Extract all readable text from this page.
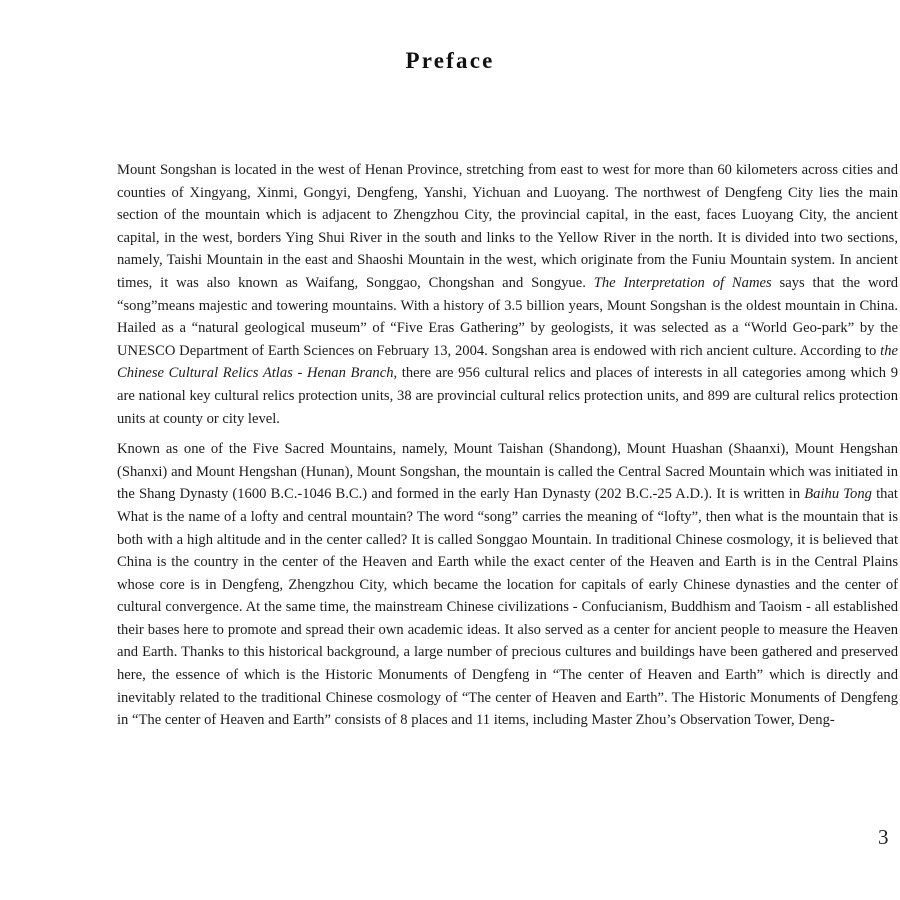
Preface

Mount Songshan is located in the west of Henan Province, stretching from east to west for more than 60 kilometers across cities and counties of Xingyang, Xinmi, Gongyi, Dengfeng, Yanshi, Yichuan and Luoyang. The northwest of Dengfeng City lies the main section of the mountain which is adjacent to Zhengzhou City, the provincial capital, in the east, faces Luoyang City, the ancient capital, in the west, borders Ying Shui River in the south and links to the Yellow River in the north. It is divided into two sections, namely, Taishi Mountain in the east and Shaoshi Mountain in the west, which originate from the Funiu Mountain system. In ancient times, it was also known as Waifang, Songgao, Chongshan and Songyue. The Interpretation of Names says that the word “song”means majestic and towering mountains. With a history of 3.5 billion years, Mount Songshan is the oldest mountain in China. Hailed as a “natural geological museum” of “Five Eras Gathering” by geologists, it was selected as a “World Geo-park” by the UNESCO Department of Earth Sciences on February 13, 2004. Songshan area is endowed with rich ancient culture. According to the Chinese Cultural Relics Atlas - Henan Branch, there are 956 cultural relics and places of interests in all categories among which 9 are national key cultural relics protection units, 38 are provincial cultural relics protection units, and 899 are cultural relics protection units at county or city level.

Known as one of the Five Sacred Mountains, namely, Mount Taishan (Shandong), Mount Huashan (Shaanxi), Mount Hengshan (Shanxi) and Mount Hengshan (Hunan), Mount Songshan, the mountain is called the Central Sacred Mountain which was initiated in the Shang Dynasty (1600 B.C.-1046 B.C.) and formed in the early Han Dynasty (202 B.C.-25 A.D.). It is written in Baihu Tong that What is the name of a lofty and central mountain? The word “song” carries the meaning of “lofty”, then what is the mountain that is both with a high altitude and in the center called? It is called Songgao Mountain. In traditional Chinese cosmology, it is believed that China is the country in the center of the Heaven and Earth while the exact center of the Heaven and Earth is in the Central Plains whose core is in Dengfeng, Zhengzhou City, which became the location for capitals of early Chinese dynasties and the center of cultural convergence. At the same time, the mainstream Chinese civilizations - Confucianism, Buddhism and Taoism - all established their bases here to promote and spread their own academic ideas. It also served as a center for ancient people to measure the Heaven and Earth. Thanks to this historical background, a large number of precious cultures and buildings have been gathered and preserved here, the essence of which is the Historic Monuments of Dengfeng in “The center of Heaven and Earth” which is directly and inevitably related to the traditional Chinese cosmology of “The center of Heaven and Earth”. The Historic Monuments of Dengfeng in “The center of Heaven and Earth” consists of 8 places and 11 items, including Master Zhou’s Observation Tower, Deng-

3
